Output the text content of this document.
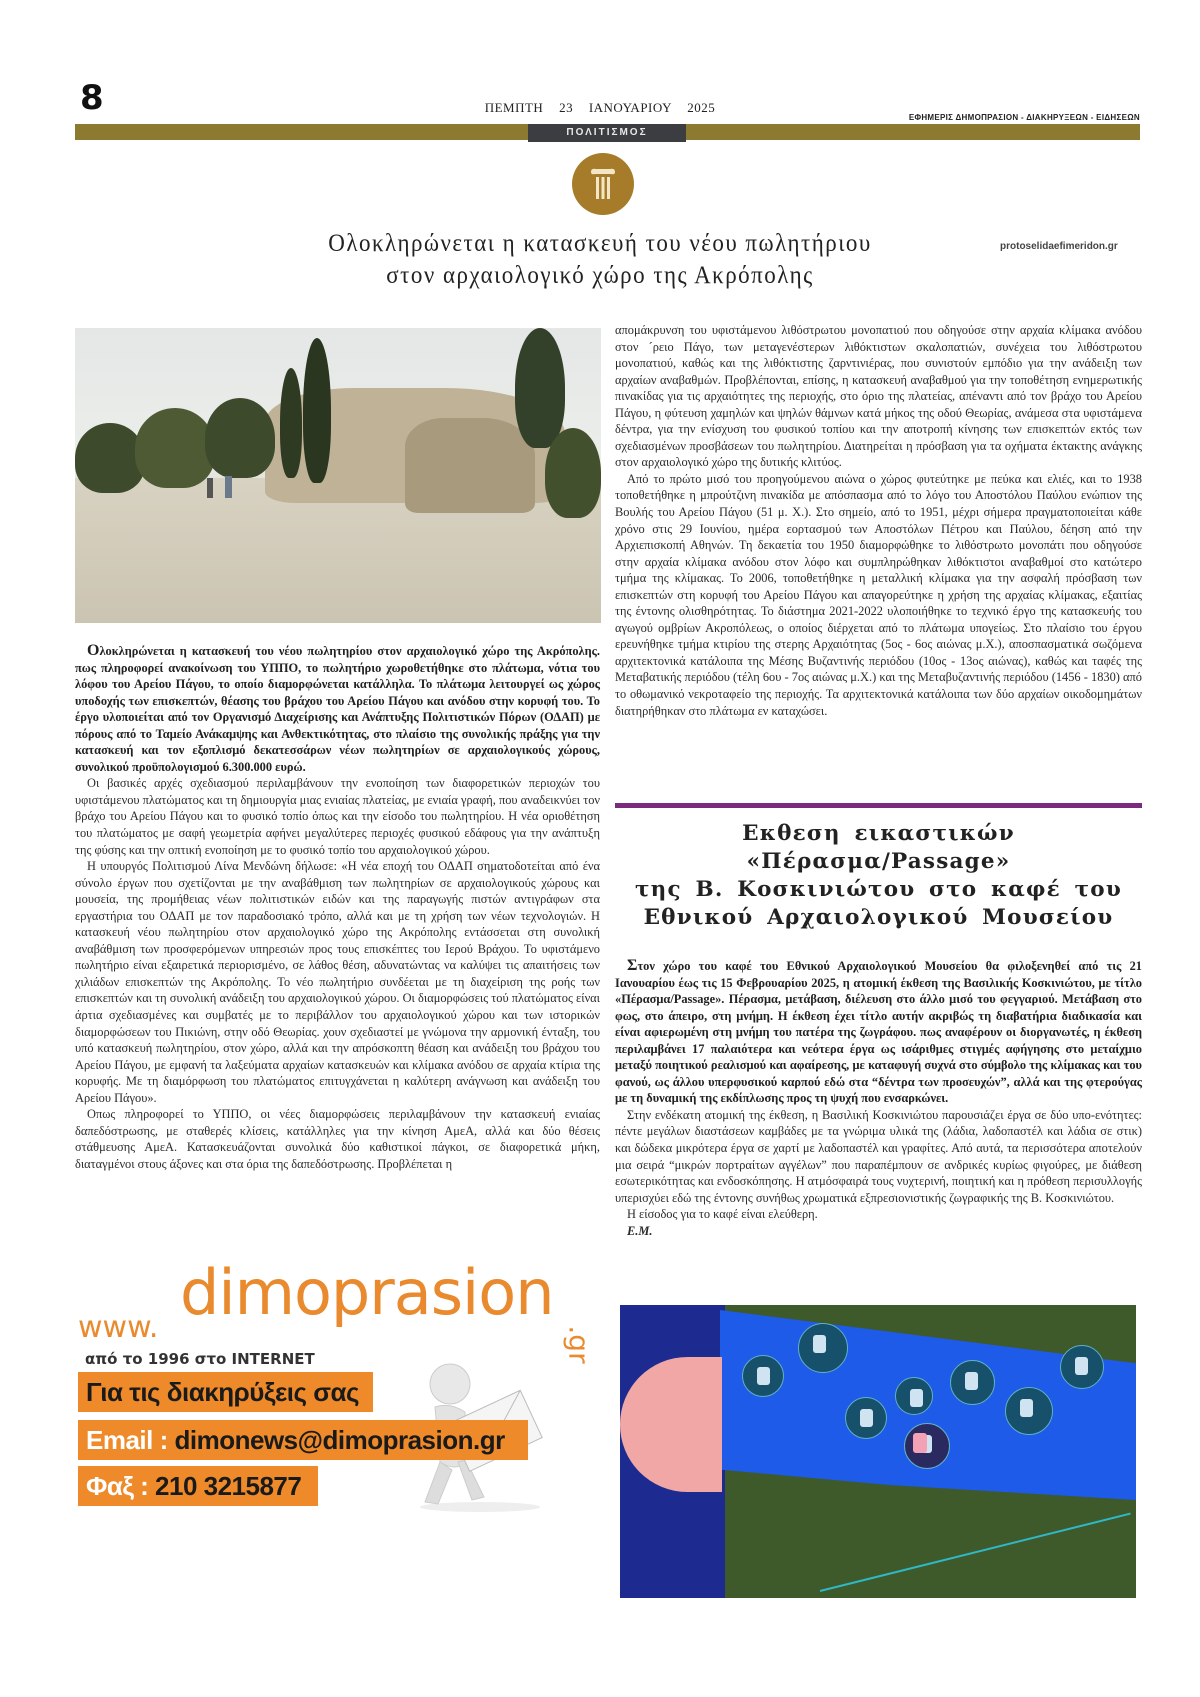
8	ΠΕΜΠΤΗ 23 ΙΑΝΟΥΑΡΙΟΥ 2025
ΕΦΗΜΕΡΙΣ ΔΗΜΟΠΡΑΣΙΟΝ - ΔΙΑΚΗΡΥΞΕΩΝ - ΕΙΔΗΣΕΩΝ
ΠΟΛΙΤΙΣΜΟΣ
Ολοκληρώνεται η κατασκευή του νέου πωλητήριου
στον αρχαιολογικό χώρο της Ακρόπολης
protoselidaefimeridon.gr

Ολοκληρώνεται η κατασκευή του νέου πωλητηρίου στον αρχαιολογικό χώρο της Ακρόπολης. πως πληροφορεί ανακοίνωση του ΥΠΠΟ, το πωλητήριο χωροθετήθηκε στο πλάτωμα, νότια του λόφου του Αρείου Πάγου, το οποίο διαμορφώνεται κατάλληλα. Το πλάτωμα λειτουργεί ως χώρος υποδοχής των επισκεπτών, θέασης του βράχου του Αρείου Πάγου και ανόδου στην κορυφή του. Το έργο υλοποιείται από τον Οργανισμό Διαχείρισης και Ανάπτυξης Πολιτιστικών Πόρων (ΟΔΑΠ) με πόρους από το Ταμείο Ανάκαμψης και Ανθεκτικότητας, στο πλαίσιο της συνολικής πράξης για την κατασκευή και τον εξοπλισμό δεκατεσσάρων νέων πωλητηρίων σε αρχαιολογικούς χώρους, συνολικού προϋπολογισμού 6.300.000 ευρώ.

Οι βασικές αρχές σχεδιασμού περιλαμβάνουν την ενοποίηση των διαφορετικών περιοχών του υφιστάμενου πλατώματος και τη δημιουργία μιας ενιαίας πλατείας, με ενιαία γραφή, που αναδεικνύει τον βράχο του Αρείου Πάγου και το φυσικό τοπίο όπως και την είσοδο του πωλητηρίου. Η νέα οριοθέτηση του πλατώματος με σαφή γεωμετρία αφήνει μεγαλύτερες περιοχές φυσικού εδάφους για την ανάπτυξη της φύσης και την οπτική ενοποίηση με το φυσικό τοπίο του αρχαιολογικού χώρου.

Η υπουργός Πολιτισμού Λίνα Μενδώνη δήλωσε: «Η νέα εποχή του ΟΔΑΠ σηματοδοτείται από ένα σύνολο έργων που σχετίζονται με την αναβάθμιση των πωλητηρίων σε αρχαιολογικούς χώρους και μουσεία, της προμήθειας νέων πολιτιστικών ειδών και της παραγωγής πιστών αντιγράφων στα εργαστήρια του ΟΔΑΠ με τον παραδοσιακό τρόπο, αλλά και με τη χρήση των νέων τεχνολογιών. Η κατασκευή νέου πωλητηρίου στον αρχαιολογικό χώρο της Ακρόπολης εντάσσεται στη συνολική αναβάθμιση των προσφερόμενων υπηρεσιών προς τους επισκέπτες του Ιερού Βράχου. Το υφιστάμενο πωλητήριο είναι εξαιρετικά περιορισμένο, σε λάθος θέση, αδυνατώντας να καλύψει τις απαιτήσεις των χιλιάδων επισκεπτών της Ακρόπολης. Το νέο πωλητήριο συνδέεται με τη διαχείριση της ροής των επισκεπτών και τη συνολική ανάδειξη του αρχαιολογικού χώρου. Οι διαμορφώσεις τού πλατώματος είναι άρτια σχεδιασμένες και συμβατές με το περιβάλλον του αρχαιολογικού χώρου και των ιστορικών διαμορφώσεων του Πικιώνη, στην οδό Θεωρίας. χουν σχεδιαστεί με γνώμονα την αρμονική ένταξη, του υπό κατασκευή πωλητηρίου, στον χώρο, αλλά και την απρόσκοπτη θέαση και ανάδειξη του βράχου του Αρείου Πάγου, με εμφανή τα λαξεύματα αρχαίων κατασκευών και κλίμακα ανόδου σε αρχαία κτίρια της κορυφής. Με τη διαμόρφωση του πλατώματος επιτυγχάνεται η καλύτερη ανάγνωση και ανάδειξη του Αρείου Πάγου».

Οπως πληροφορεί το ΥΠΠΟ, οι νέες διαμορφώσεις περιλαμβάνουν την κατασκευή ενιαίας δαπεδόστρωσης, με σταθερές κλίσεις, κατάλληλες για την κίνηση ΑμεΑ, αλλά και δύο θέσεις στάθμευσης ΑμεΑ. Κατασκευάζονται συνολικά δύο καθιστικοί πάγκοι, σε διαφορετικά μήκη, διαταγμένοι στους άξονες και στα όρια της δαπεδόστρωσης. Προβλέπεται η

απομάκρυνση του υφιστάμενου λιθόστρωτου μονοπατιού που οδηγούσε στην αρχαία κλίμακα ανόδου στον ´ρειο Πάγο, των μεταγενέστερων λιθόκτιστων σκαλοπατιών, συνέχεια του λιθόστρωτου μονοπατιού, καθώς και της λιθόκτιστης ζαρντινιέρας, που συνιστούν εμπόδιο για την ανάδειξη των αρχαίων αναβαθμών. Προβλέπονται, επίσης, η κατασκευή αναβαθμού για την τοποθέτηση ενημερωτικής πινακίδας για τις αρχαιότητες της περιοχής, στο όριο της πλατείας, απέναντι από τον βράχο του Αρείου Πάγου, η φύτευση χαμηλών και ψηλών θάμνων κατά μήκος της οδού Θεωρίας, ανάμεσα στα υφιστάμενα δέντρα, για την ενίσχυση του φυσικού τοπίου και την αποτροπή κίνησης των επισκεπτών εκτός των σχεδιασμένων προσβάσεων του πωλητηρίου. Διατηρείται η πρόσβαση για τα οχήματα έκτακτης ανάγκης στον αρχαιολογικό χώρο της δυτικής κλιτύος.

Από το πρώτο μισό του προηγούμενου αιώνα ο χώρος φυτεύτηκε με πεύκα και ελιές, και το 1938 τοποθετήθηκε η μπρούτζινη πινακίδα με απόσπασμα από το λόγο του Αποστόλου Παύλου ενώπιον της Βουλής του Αρείου Πάγου (51 μ. Χ.). Στο σημείο, από το 1951, μέχρι σήμερα πραγματοποιείται κάθε χρόνο στις 29 Ιουνίου, ημέρα εορτασμού των Αποστόλων Πέτρου και Παύλου, δέηση από την Αρχιεπισκοπή Αθηνών. Τη δεκαετία του 1950 διαμορφώθηκε το λιθόστρωτο μονοπάτι που οδηγούσε στην αρχαία κλίμακα ανόδου στον λόφο και συμπληρώθηκαν λιθόκτιστοι αναβαθμοί στο κατώτερο τμήμα της κλίμακας. Το 2006, τοποθετήθηκε η μεταλλική κλίμακα για την ασφαλή πρόσβαση των επισκεπτών στη κορυφή του Αρείου Πάγου και απαγορεύτηκε η χρήση της αρχαίας κλίμακας, εξαιτίας της έντονης ολισθηρότητας. Το διάστημα 2021-2022 υλοποιήθηκε το τεχνικό έργο της κατασκευής του αγωγού ομβρίων Ακροπόλεως, ο οποίος διέρχεται από το πλάτωμα υπογείως. Στο πλαίσιο του έργου ερευνήθηκε τμήμα κτιρίου της στερης Αρχαιότητας (5ος - 6ος αιώνας μ.Χ.), αποσπασματικά σωζόμενα αρχιτεκτονικά κατάλοιπα της Μέσης Βυζαντινής περιόδου (10ος - 13ος αιώνας), καθώς και ταφές της Μεταβατικής περιόδου (τέλη 6ου - 7ος αιώνας μ.Χ.) και της Μεταβυζαντινής περιόδου (1456 - 1830) από το οθωμανικό νεκροταφείο της περιοχής. Τα αρχιτεκτονικά κατάλοιπα των δύο αρχαίων οικοδομημάτων διατηρήθηκαν στο πλάτωμα εν καταχώσει.

Εκθεση εικαστικών «Πέρασμα/Passage»
της Β. Κοσκινιώτου στο καφέ του
Εθνικού Αρχαιολογικού Μουσείου

Στον χώρο του καφέ του Εθνικού Αρχαιολογικού Μουσείου θα φιλοξενηθεί από τις 21 Ιανουαρίου έως τις 15 Φεβρουαρίου 2025, η ατομική έκθεση της Βασιλικής Κοσκινιώτου, με τίτλο «Πέρασμα/Passage». Πέρασμα, μετάβαση, διέλευση στο άλλο μισό του φεγγαριού. Μετάβαση στο φως, στο άπειρο, στη μνήμη. Η έκθεση έχει τίτλο αυτήν ακριβώς τη διαβατήρια διαδικασία και είναι αφιερωμένη στη μνήμη του πατέρα της ζωγράφου. πως αναφέρουν οι διοργανωτές, η έκθεση περιλαμβάνει 17 παλαιότερα και νεότερα έργα ως ισάριθμες στιγμές αφήγησης στο μεταίχμιο μεταξύ ποιητικού ρεαλισμού και αφαίρεσης, με καταφυγή συχνά στο σύμβολο της κλίμακας και του φανού, ως άλλου υπερφυσικού καρπού εδώ στα “δέντρα των προσευχών”, αλλά και της φτερούγας με τη δυναμική της εκδίπλωσης προς τη ψυχή που ενσαρκώνει.

Στην ενδέκατη ατομική της έκθεση, η Βασιλική Κοσκινιώτου παρουσιάζει έργα σε δύο υπο-ενότητες: πέντε μεγάλων διαστάσεων καμβάδες με τα γνώριμα υλικά της (λάδια, λαδοπαστέλ και λάδια σε στικ) και δώδεκα μικρότερα έργα σε χαρτί με λαδοπαστέλ και γραφίτες. Από αυτά, τα περισσότερα αποτελούν μια σειρά “μικρών πορτραίτων αγγέλων” που παραπέμπουν σε ανδρικές κυρίως φιγούρες, με διάθεση εσωτερικότητας και ενδοσκόπησης. Η ατμόσφαιρά τους νυχτερινή, ποιητική και η πρόθεση περισυλλογής υπερισχύει εδώ της έντονης συνήθως χρωματικά εξπρεσιονιστικής ζωγραφικής της Β. Κοσκινιώτου.

Η είσοδος για το καφέ είναι ελεύθερη.

Ε.Μ.

www. dimoprasion
.gr
από το 1996 στο INTERNET
Για τις διακηρύξεις σας
Email : dimonews@dimoprasion.gr
Φαξ : 210 3215877
